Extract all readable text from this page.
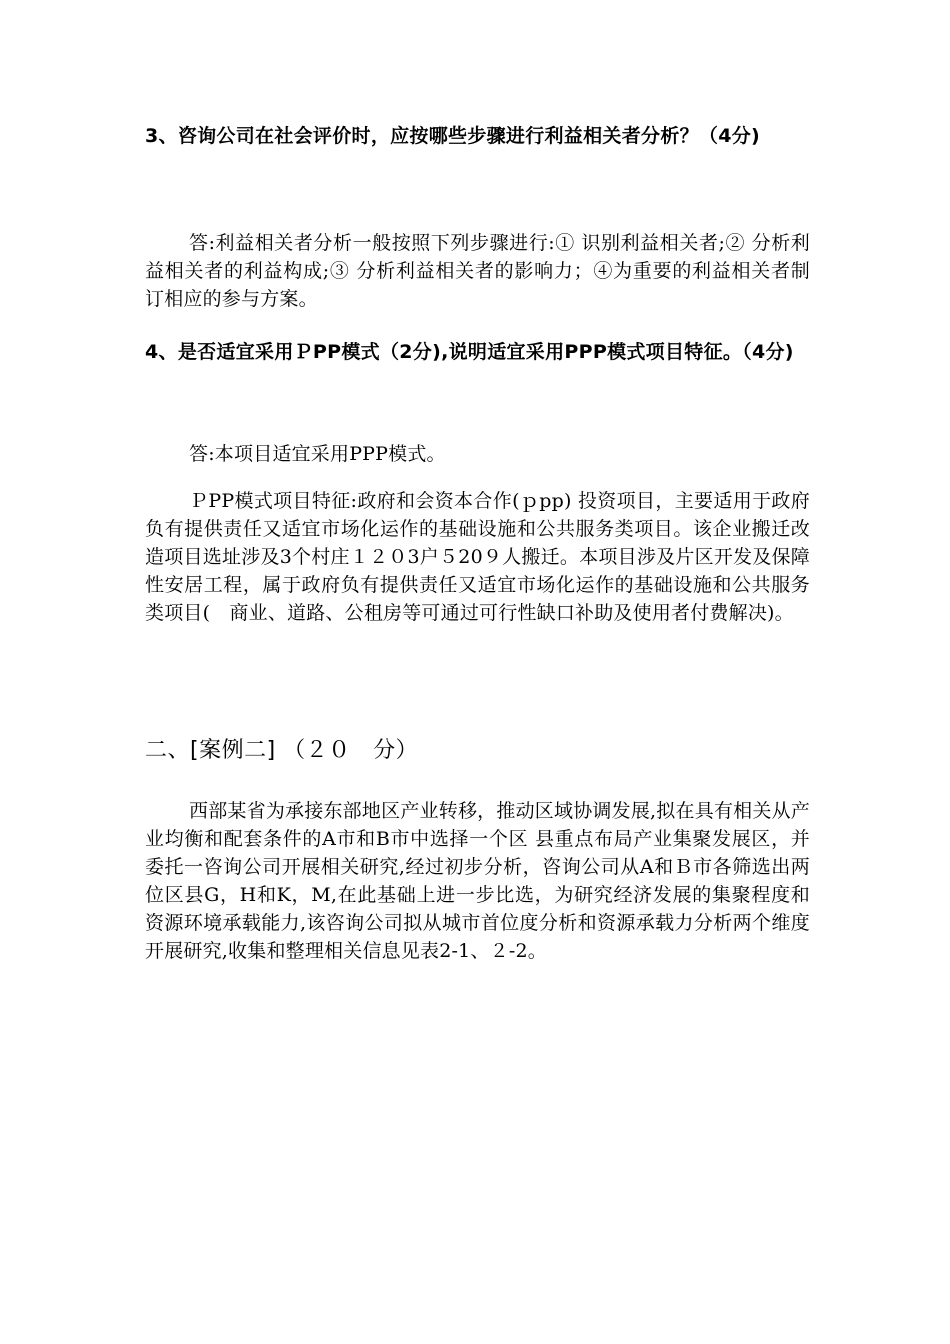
3、咨询公司在社会评价时，应按哪些步骤进行利益相关者分析？（4分)
答:利益相关者分析一般按照下列步骤进行:① 识别利益相关者;② 分析利益相关者的利益构成;③ 分析利益相关者的影响力；④为重要的利益相关者制订相应的参与方案。
4、是否适宜采用ＰPP模式（2分),说明适宜采用PPP模式项目特征。（4分)
答:本项目适宜采用PPP模式。
ＰPP模式项目特征:政府和会资本合作(ｐpp) 投资项目，主要适用于政府负有提供责任又适宜市场化运作的基础设施和公共服务类项目。该企业搬迁改造项目选址涉及3个村庄１２０3户５20９人搬迁。本项目涉及片区开发及保障性安居工程，属于政府负有提供责任又适宜市场化运作的基础设施和公共服务类项目(　商业、道路、公租房等可通过可行性缺口补助及使用者付费解决)。
二、[案例二] （２０　分）
西部某省为承接东部地区产业转移，推动区域协调发展,拟在具有相关从产业均衡和配套条件的A市和B市中选择一个区 县重点布局产业集聚发展区，并委托一咨询公司开展相关研究,经过初步分析，咨询公司从A和Ｂ市各筛选出两位区县G，H和K，M,在此基础上进一步比选，为研究经济发展的集聚程度和资源环境承载能力,该咨询公司拟从城市首位度分析和资源承载力分析两个维度开展研究,收集和整理相关信息见表2-1、２-2。
